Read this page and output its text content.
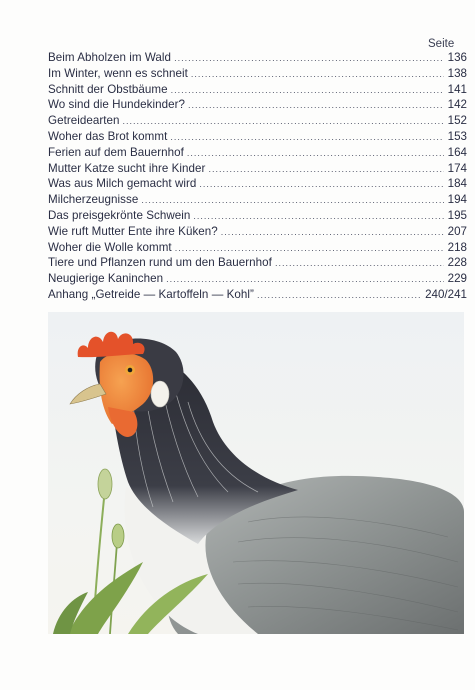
Seite
Beim Abholzen im Wald .....	136
Im Winter, wenn es schneit .....	138
Schnitt der Obstbäume .....	141
Wo sind die Hundekinder? .....	142
Getreidearten .....	152
Woher das Brot kommt .....	153
Ferien auf dem Bauernhof .....	164
Mutter Katze sucht ihre Kinder .....	174
Was aus Milch gemacht wird .....	184
Milcherzeugnisse .....	194
Das preisgekrönte Schwein .....	195
Wie ruft Mutter Ente ihre Küken? .....	207
Woher die Wolle kommt .....	218
Tiere und Pflanzen rund um den Bauernhof .....	228
Neugierige Kaninchen .....	229
Anhang „Getreide — Kartoffeln — Kohl” .....	240/241
